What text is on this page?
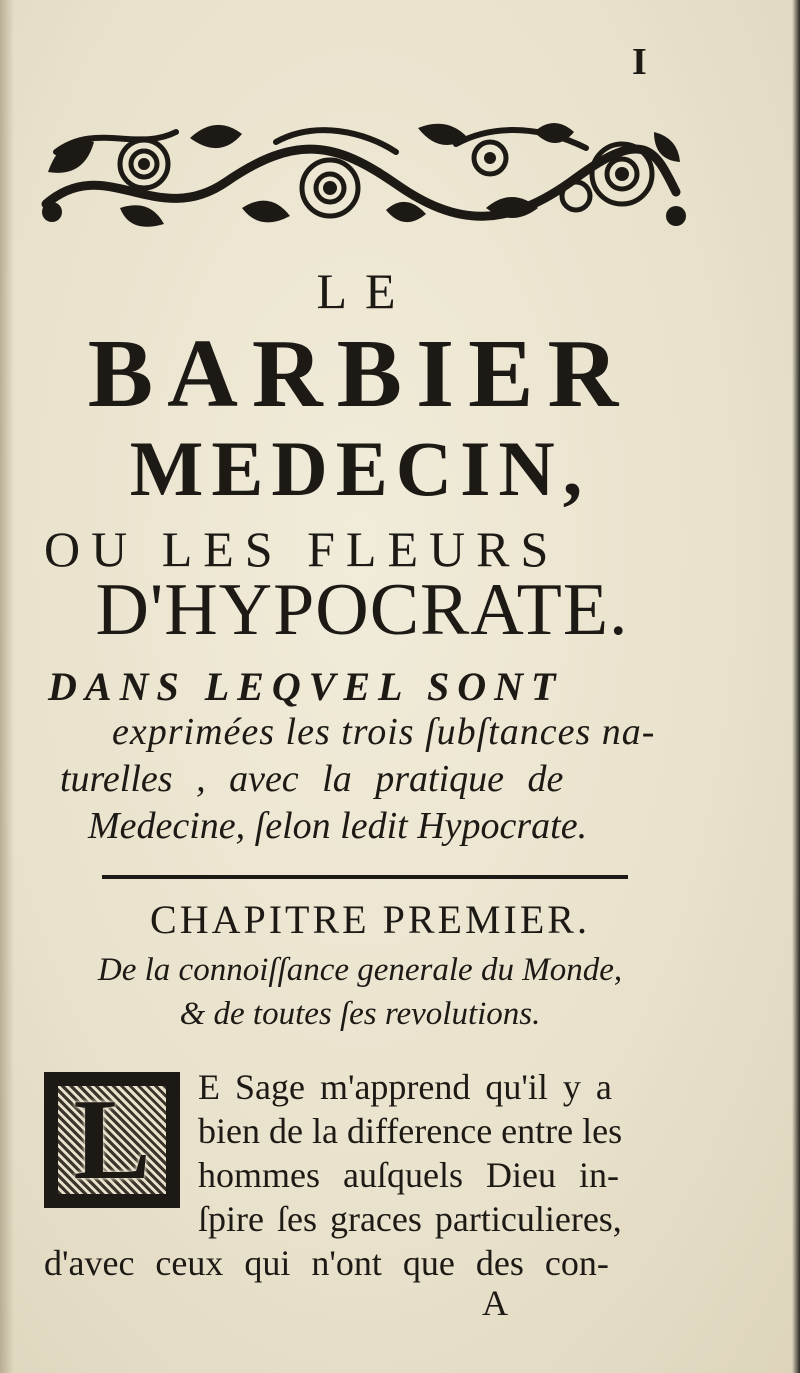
I
LE
BARBIER
MEDECIN,
OU LES FLEURS
D'HYPOCRATE.
DANS LEQVEL SONT
exprimées les trois ſubſtances na-
turelles , avec la pratique de
Medecine, ſelon ledit Hypocrate.
CHAPITRE PREMIER.
De la connoiſſance generale du Monde,
& de toutes ſes revolutions.
L	E Sage m'apprend qu'il y a
bien de la difference entre les
hommes auſquels Dieu in-
ſpire ſes graces particulieres,
d'avec ceux qui n'ont que des con-
A
